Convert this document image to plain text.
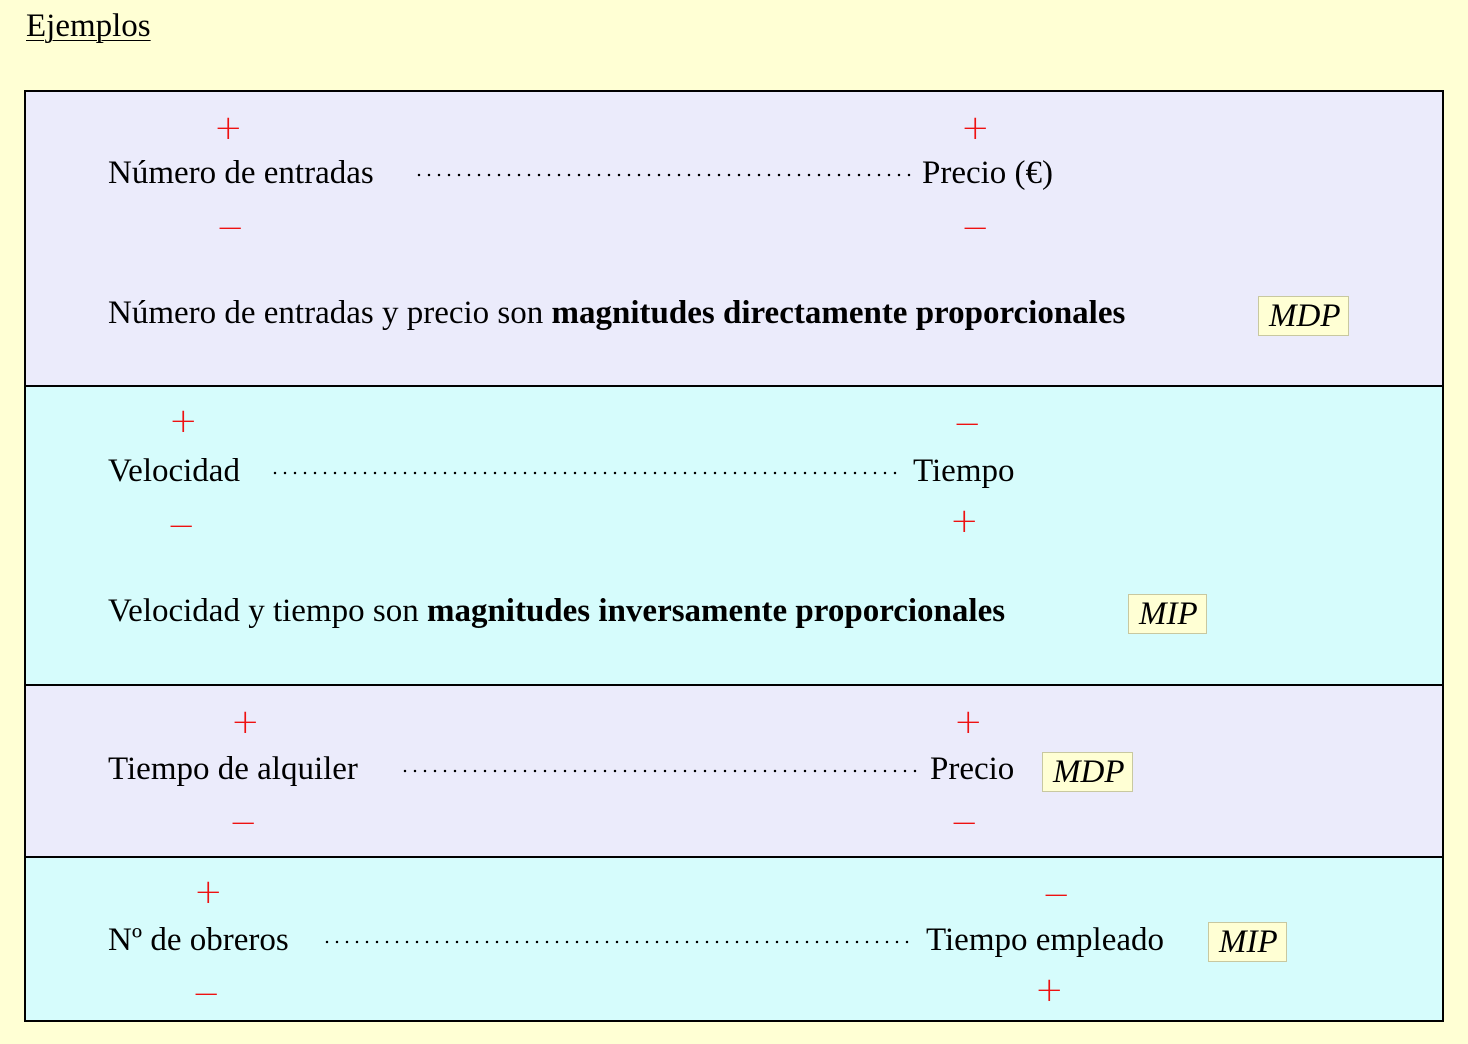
Ejemplos
+
Número de entradas
−
+
Precio (€)
−
Número de entradas y precio son magnitudes directamente proporcionales	MDP
+
Velocidad
−
−
Tiempo
+
Velocidad y tiempo son magnitudes inversamente proporcionales	MIP
+
Tiempo de alquiler
−
+
Precio
−
MDP
+
Nº de obreros
−
−
Tiempo empleado
+
MIP
